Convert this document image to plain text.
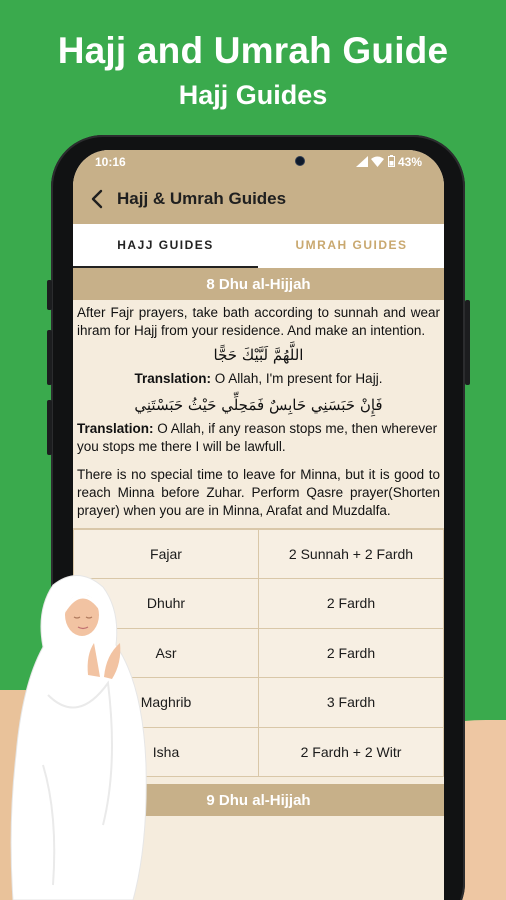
Hajj and Umrah Guide
Hajj Guides
10:16	43%
Hajj & Umrah Guides
HAJJ GUIDES	UMRAH GUIDES
8 Dhu al-Hijjah

After Fajr prayers, take bath according to sunnah and wear ihram for Hajj from your residence. And make an intention.

اللَّهُمَّ لَبَّيْكَ حَجًّا
Translation: O Allah, I'm present for Hajj.
فَإِنْ حَبَسَنِي حَابِسٌ فَمَحِلِّي حَيْثُ حَبَسْتَنِي
Translation: O Allah, if any reason stops me, then wherever you stops me there I will be lawfull.

There is no special time to leave for Minna, but it is good to reach Minna before Zuhar. Perform Qasre prayer(Shorten prayer) when you are in Minna, Arafat and Muzdalfa.

Fajar	2 Sunnah + 2 Fardh
Dhuhr	2 Fardh
Asr	2 Fardh
Maghrib	3 Fardh
Isha	2 Fardh + 2 Witr
9 Dhu al-Hijjah
